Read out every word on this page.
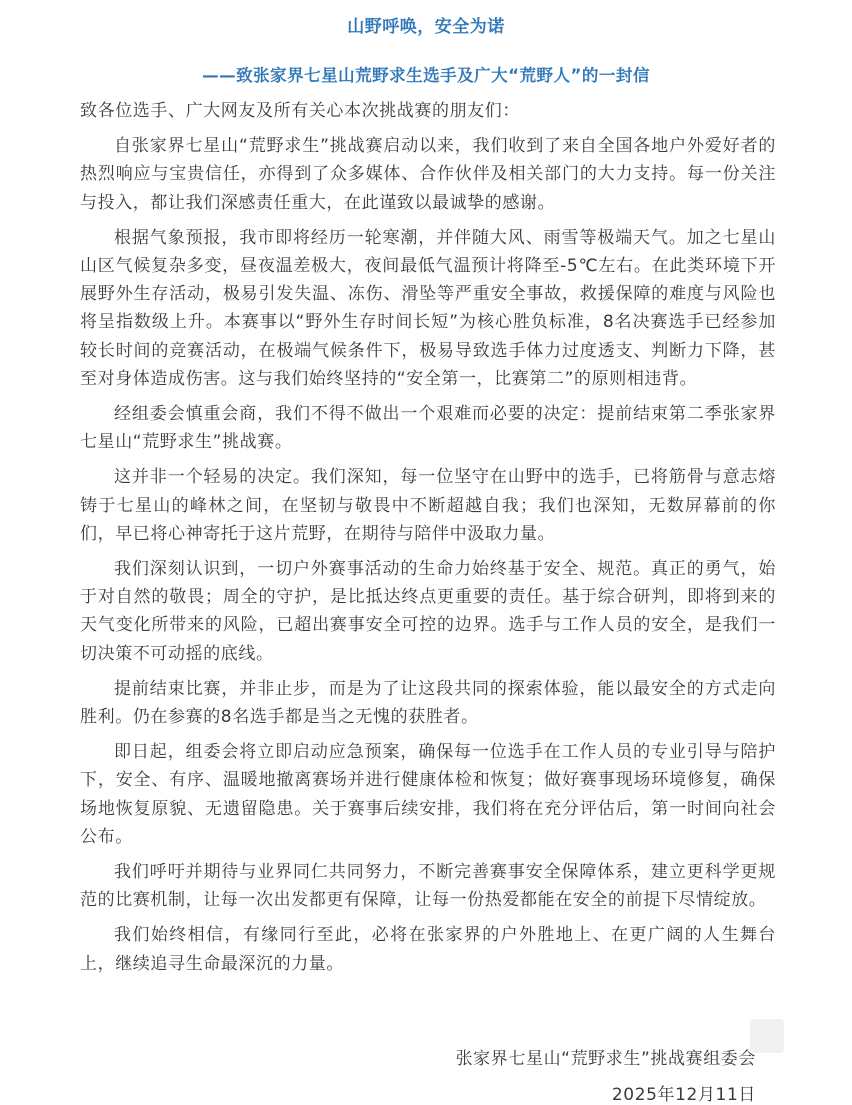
山野呼唤，安全为诺
——致张家界七星山荒野求生选手及广大“荒野人”的一封信

致各位选手、广大网友及所有关心本次挑战赛的朋友们：

自张家界七星山“荒野求生”挑战赛启动以来，我们收到了来自全国各地户外爱好者的热烈响应与宝贵信任，亦得到了众多媒体、合作伙伴及相关部门的大力支持。每一份关注与投入，都让我们深感责任重大，在此谨致以最诚挚的感谢。

根据气象预报，我市即将经历一轮寒潮，并伴随大风、雨雪等极端天气。加之七星山山区气候复杂多变，昼夜温差极大，夜间最低气温预计将降至-5℃左右。在此类环境下开展野外生存活动，极易引发失温、冻伤、滑坠等严重安全事故，救援保障的难度与风险也将呈指数级上升。本赛事以“野外生存时间长短”为核心胜负标准，8名决赛选手已经参加较长时间的竞赛活动，在极端气候条件下，极易导致选手体力过度透支、判断力下降，甚至对身体造成伤害。这与我们始终坚持的“安全第一，比赛第二”的原则相违背。

经组委会慎重会商，我们不得不做出一个艰难而必要的决定：提前结束第二季张家界七星山“荒野求生”挑战赛。

这并非一个轻易的决定。我们深知，每一位坚守在山野中的选手，已将筋骨与意志熔铸于七星山的峰林之间，在坚韧与敬畏中不断超越自我；我们也深知，无数屏幕前的你们，早已将心神寄托于这片荒野，在期待与陪伴中汲取力量。

我们深刻认识到，一切户外赛事活动的生命力始终基于安全、规范。真正的勇气，始于对自然的敬畏；周全的守护，是比抵达终点更重要的责任。基于综合研判，即将到来的天气变化所带来的风险，已超出赛事安全可控的边界。选手与工作人员的安全，是我们一切决策不可动摇的底线。

提前结束比赛，并非止步，而是为了让这段共同的探索体验，能以最安全的方式走向胜利。仍在参赛的8名选手都是当之无愧的获胜者。

即日起，组委会将立即启动应急预案，确保每一位选手在工作人员的专业引导与陪护下，安全、有序、温暖地撤离赛场并进行健康体检和恢复；做好赛事现场环境修复，确保场地恢复原貌、无遗留隐患。关于赛事后续安排，我们将在充分评估后，第一时间向社会公布。

我们呼吁并期待与业界同仁共同努力，不断完善赛事安全保障体系，建立更科学更规范的比赛机制，让每一次出发都更有保障，让每一份热爱都能在安全的前提下尽情绽放。

我们始终相信，有缘同行至此，必将在张家界的户外胜地上、在更广阔的人生舞台上，继续追寻生命最深沉的力量。

张家界七星山“荒野求生”挑战赛组委会
2025年12月11日
